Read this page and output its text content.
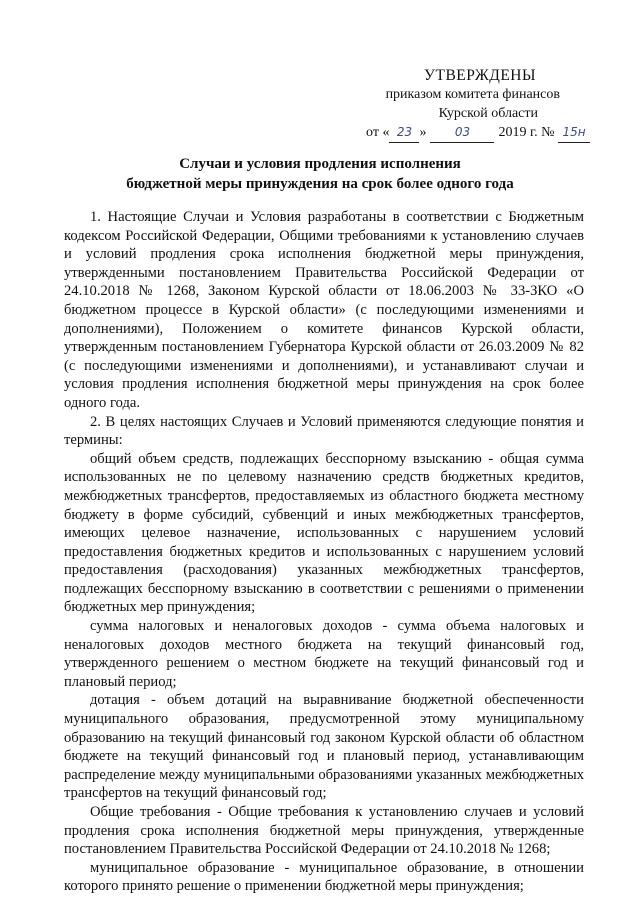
УТВЕРЖДЕНЫ
приказом комитета финансов
Курской области
от « 23 »	03	2019 г. №
15н
Случаи и условия продления исполнения
бюджетной меры принуждения на срок более одного года

1. Настоящие Случаи и Условия разработаны в соответствии с Бюджетным кодексом Российской Федерации, Общими требованиями к установлению случаев и условий продления срока исполнения бюджетной меры принуждения, утвержденными постановлением Правительства Российской Федерации от 24.10.2018 № 1268, Законом Курской области от 18.06.2003 № 33-ЗКО «О бюджетном процессе в Курской области» (с последующими изменениями и дополнениями), Положением о комитете финансов Курской области, утвержденным постановлением Губернатора Курской области от 26.03.2009 № 82 (с последующими изменениями и дополнениями), и устанавливают случаи и условия продления исполнения бюджетной меры принуждения на срок более одного года.

2. В целях настоящих Случаев и Условий применяются следующие понятия и термины:

общий объем средств, подлежащих бесспорному взысканию - общая сумма использованных не по целевому назначению средств бюджетных кредитов, межбюджетных трансфертов, предоставляемых из областного бюджета местному бюджету в форме субсидий, субвенций и иных межбюджетных трансфертов, имеющих целевое назначение, использованных с нарушением условий предоставления бюджетных кредитов и использованных с нарушением условий предоставления (расходования) указанных межбюджетных трансфертов, подлежащих бесспорному взысканию в соответствии с решениями о применении бюджетных мер принуждения;

сумма налоговых и неналоговых доходов - сумма объема налоговых и неналоговых доходов местного бюджета на текущий финансовый год, утвержденного решением о местном бюджете на текущий финансовый год и плановый период;

дотация - объем дотаций на выравнивание бюджетной обеспеченности муниципального образования, предусмотренной этому муниципальному образованию на текущий финансовый год законом Курской области об областном бюджете на текущий финансовый год и плановый период, устанавливающим распределение между муниципальными образованиями указанных межбюджетных трансфертов на текущий финансовый год;

Общие требования - Общие требования к установлению случаев и условий продления срока исполнения бюджетной меры принуждения, утвержденные постановлением Правительства Российской Федерации от 24.10.2018 № 1268;

муниципальное образование - муниципальное образование, в отношении которого принято решение о применении бюджетной меры принуждения;
